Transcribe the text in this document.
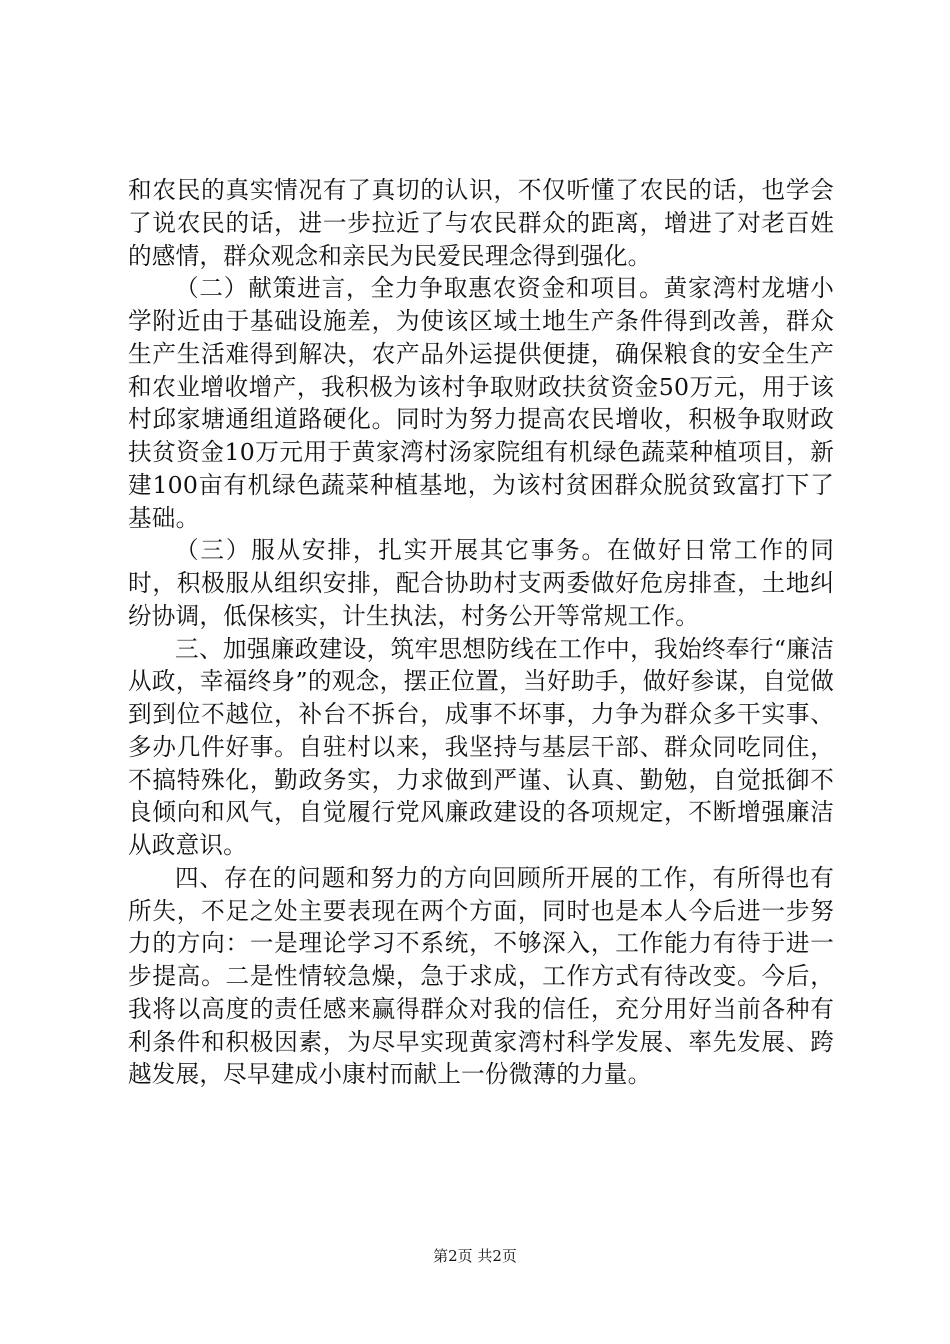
和农民的真实情况有了真切的认识，不仅听懂了农民的话，也学会了说农民的话，进一步拉近了与农民群众的距离，增进了对老百姓的感情，群众观念和亲民为民爱民理念得到强化。

（二）献策进言，全力争取惠农资金和项目。黄家湾村龙塘小学附近由于基础设施差，为使该区域土地生产条件得到改善，群众生产生活难得到解决，农产品外运提供便捷，确保粮食的安全生产和农业增收增产，我积极为该村争取财政扶贫资金50万元，用于该村邱家塘通组道路硬化。同时为努力提高农民增收，积极争取财政扶贫资金10万元用于黄家湾村汤家院组有机绿色蔬菜种植项目，新建100亩有机绿色蔬菜种植基地，为该村贫困群众脱贫致富打下了基础。

（三）服从安排，扎实开展其它事务。在做好日常工作的同时，积极服从组织安排，配合协助村支两委做好危房排查，土地纠纷协调，低保核实，计生执法，村务公开等常规工作。

三、加强廉政建设，筑牢思想防线在工作中，我始终奉行“廉洁从政，幸福终身”的观念，摆正位置，当好助手，做好参谋，自觉做到到位不越位，补台不拆台，成事不坏事，力争为群众多干实事、多办几件好事。自驻村以来，我坚持与基层干部、群众同吃同住，不搞特殊化，勤政务实，力求做到严谨、认真、勤勉，自觉抵御不良倾向和风气，自觉履行党风廉政建设的各项规定，不断增强廉洁从政意识。

四、存在的问题和努力的方向回顾所开展的工作，有所得也有所失，不足之处主要表现在两个方面，同时也是本人今后进一步努力的方向：一是理论学习不系统，不够深入，工作能力有待于进一步提高。二是性情较急燥，急于求成，工作方式有待改变。今后，我将以高度的责任感来赢得群众对我的信任，充分用好当前各种有利条件和积极因素，为尽早实现黄家湾村科学发展、率先发展、跨越发展，尽早建成小康村而献上一份微薄的力量。

第2页 共2页
